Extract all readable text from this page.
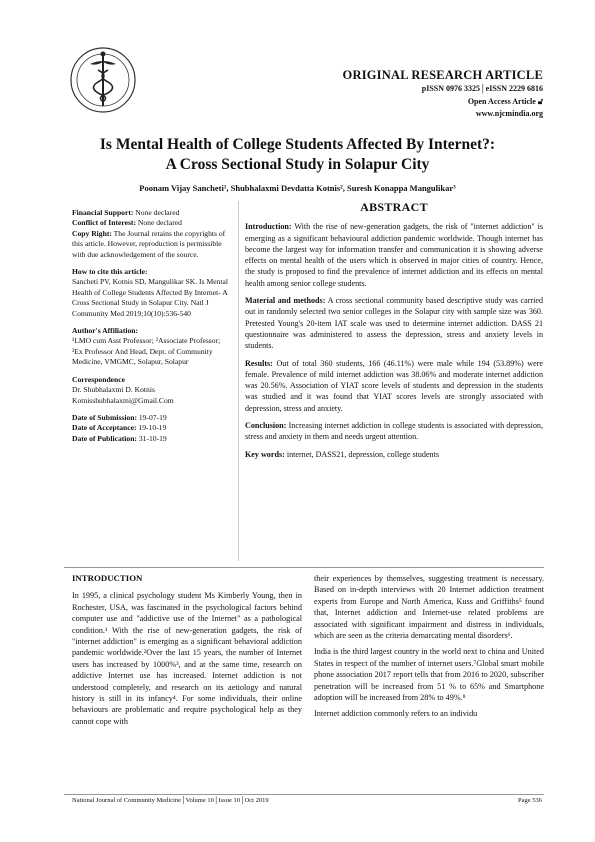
ORIGINAL RESEARCH ARTICLE
pISSN 0976 3325│eISSN 2229 6816
Open Access Article 🔓︎
www.njcmindia.org
Is Mental Health of College Students Affected By Internet?:
A Cross Sectional Study in Solapur City
Poonam Vijay Sancheti¹, Shubhalaxmi Devdatta Kotnis², Suresh Konappa Mangulikar³

Financial Support: None declared
Conflict of Interest: None declared
Copy Right: The Journal retains the copyrights of this article. However, reproduction is permissible with due acknowledgement of the source.

How to cite this article:
Sancheti PV, Kotnis SD, Mangulikar SK. Is Mental Health of College Students Affected By Internet- A Cross Sectional Study in Solapur City. Natl J Community Med 2019;10(10):536-540

Author's Affiliation:
¹LMO cum Asst Professor; ²Associate Professor; ³Ex Professor And Head, Dept. of Community Medicine, VMGMC, Solapur, Solapur

Correspondence
Dr. Shubhalaxmi D. Kotnis
Kotnisshubhalaxmi@Gmail.Com

Date of Submission: 19-07-19
Date of Acceptance: 19-10-19
Date of Publication: 31-10-19

ABSTRACT

Introduction: With the rise of new-generation gadgets, the risk of "internet addiction" is emerging as a significant behavioural addiction pandemic worldwide. Though internet has become the largest way for information transfer and communication it is showing adverse effects on mental health of the users which is observed in major cities of country. Hence, the study is proposed to find the prevalence of internet addiction and its effects on mental health among senior college students.

Material and methods: A cross sectional community based descriptive study was carried out in randomly selected two senior colleges in the Solapur city with sample size was 360. Pretested Young's 20-item IAT scale was used to determine internet addiction. DASS 21 questionnaire was administered to assess the depression, stress and anxiety levels in students.

Results: Out of total 360 students, 166 (46.11%) were male while 194 (53.89%) were female. Prevalence of mild internet addiction was 38.06% and moderate internet addiction was 20.56%. Association of YIAT score levels of students and depression in the students was studied and it was found that YIAT scores levels are strongly associated with depression, stress and anxiety.

Conclusion: Increasing internet addiction in college students is associated with depression, stress and anxiety in them and needs urgent attention.

Key words: internet, DASS21, depression, college students

INTRODUCTION

In 1995, a clinical psychology student Ms Kimberly Young, then in Rochester, USA, was fascinated in the psychological factors behind computer use and "addictive use of the Internet" as a pathological condition.¹ With the rise of new-generation gadgets, the risk of "internet addiction" is emerging as a significant behavioral addiction pandemic worldwide.²Over the last 15 years, the number of Internet users has increased by 1000%³, and at the same time, research on addictive Internet use has increased. Internet addiction is not understood completely, and research on its aetiology and natural history is still in its infancy⁴. For some individuals, their online behaviours are problematic and require psychological help as they cannot cope with

their experiences by themselves, suggesting treatment is necessary. Based on in-depth interviews with 20 Internet addiction treatment experts from Europe and North America, Kuss and Griffiths⁵ found that, Internet addiction and Internet-use related problems are associated with significant impairment and distress in individuals, which are seen as the criteria demarcating mental disorders⁶.

India is the third largest country in the world next to china and United States in respect of the number of internet users.⁷Global smart mobile phone association 2017 report tells that from 2016 to 2020, subscriber penetration will be increased from 51 % to 65% and Smartphone adoption will be increased from 28% to 49%.⁸

Internet addiction commonly refers to an individu

National Journal of Community Medicine│Volume 10│Issue 10│Oct 2019	Page 536
